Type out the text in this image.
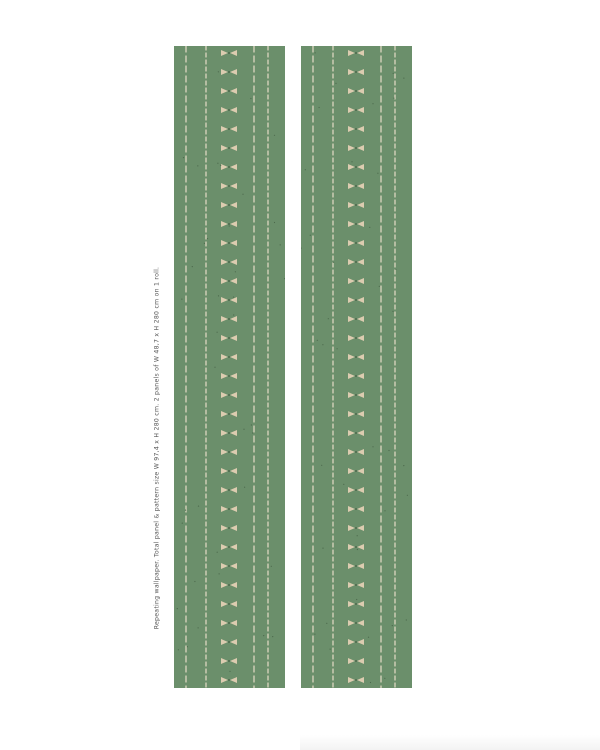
Repeating wallpaper. Total panel & pattern size W 97,4 x H 280 cm. 2 panels of W 48,7 x H 280 cm on 1 roll.
